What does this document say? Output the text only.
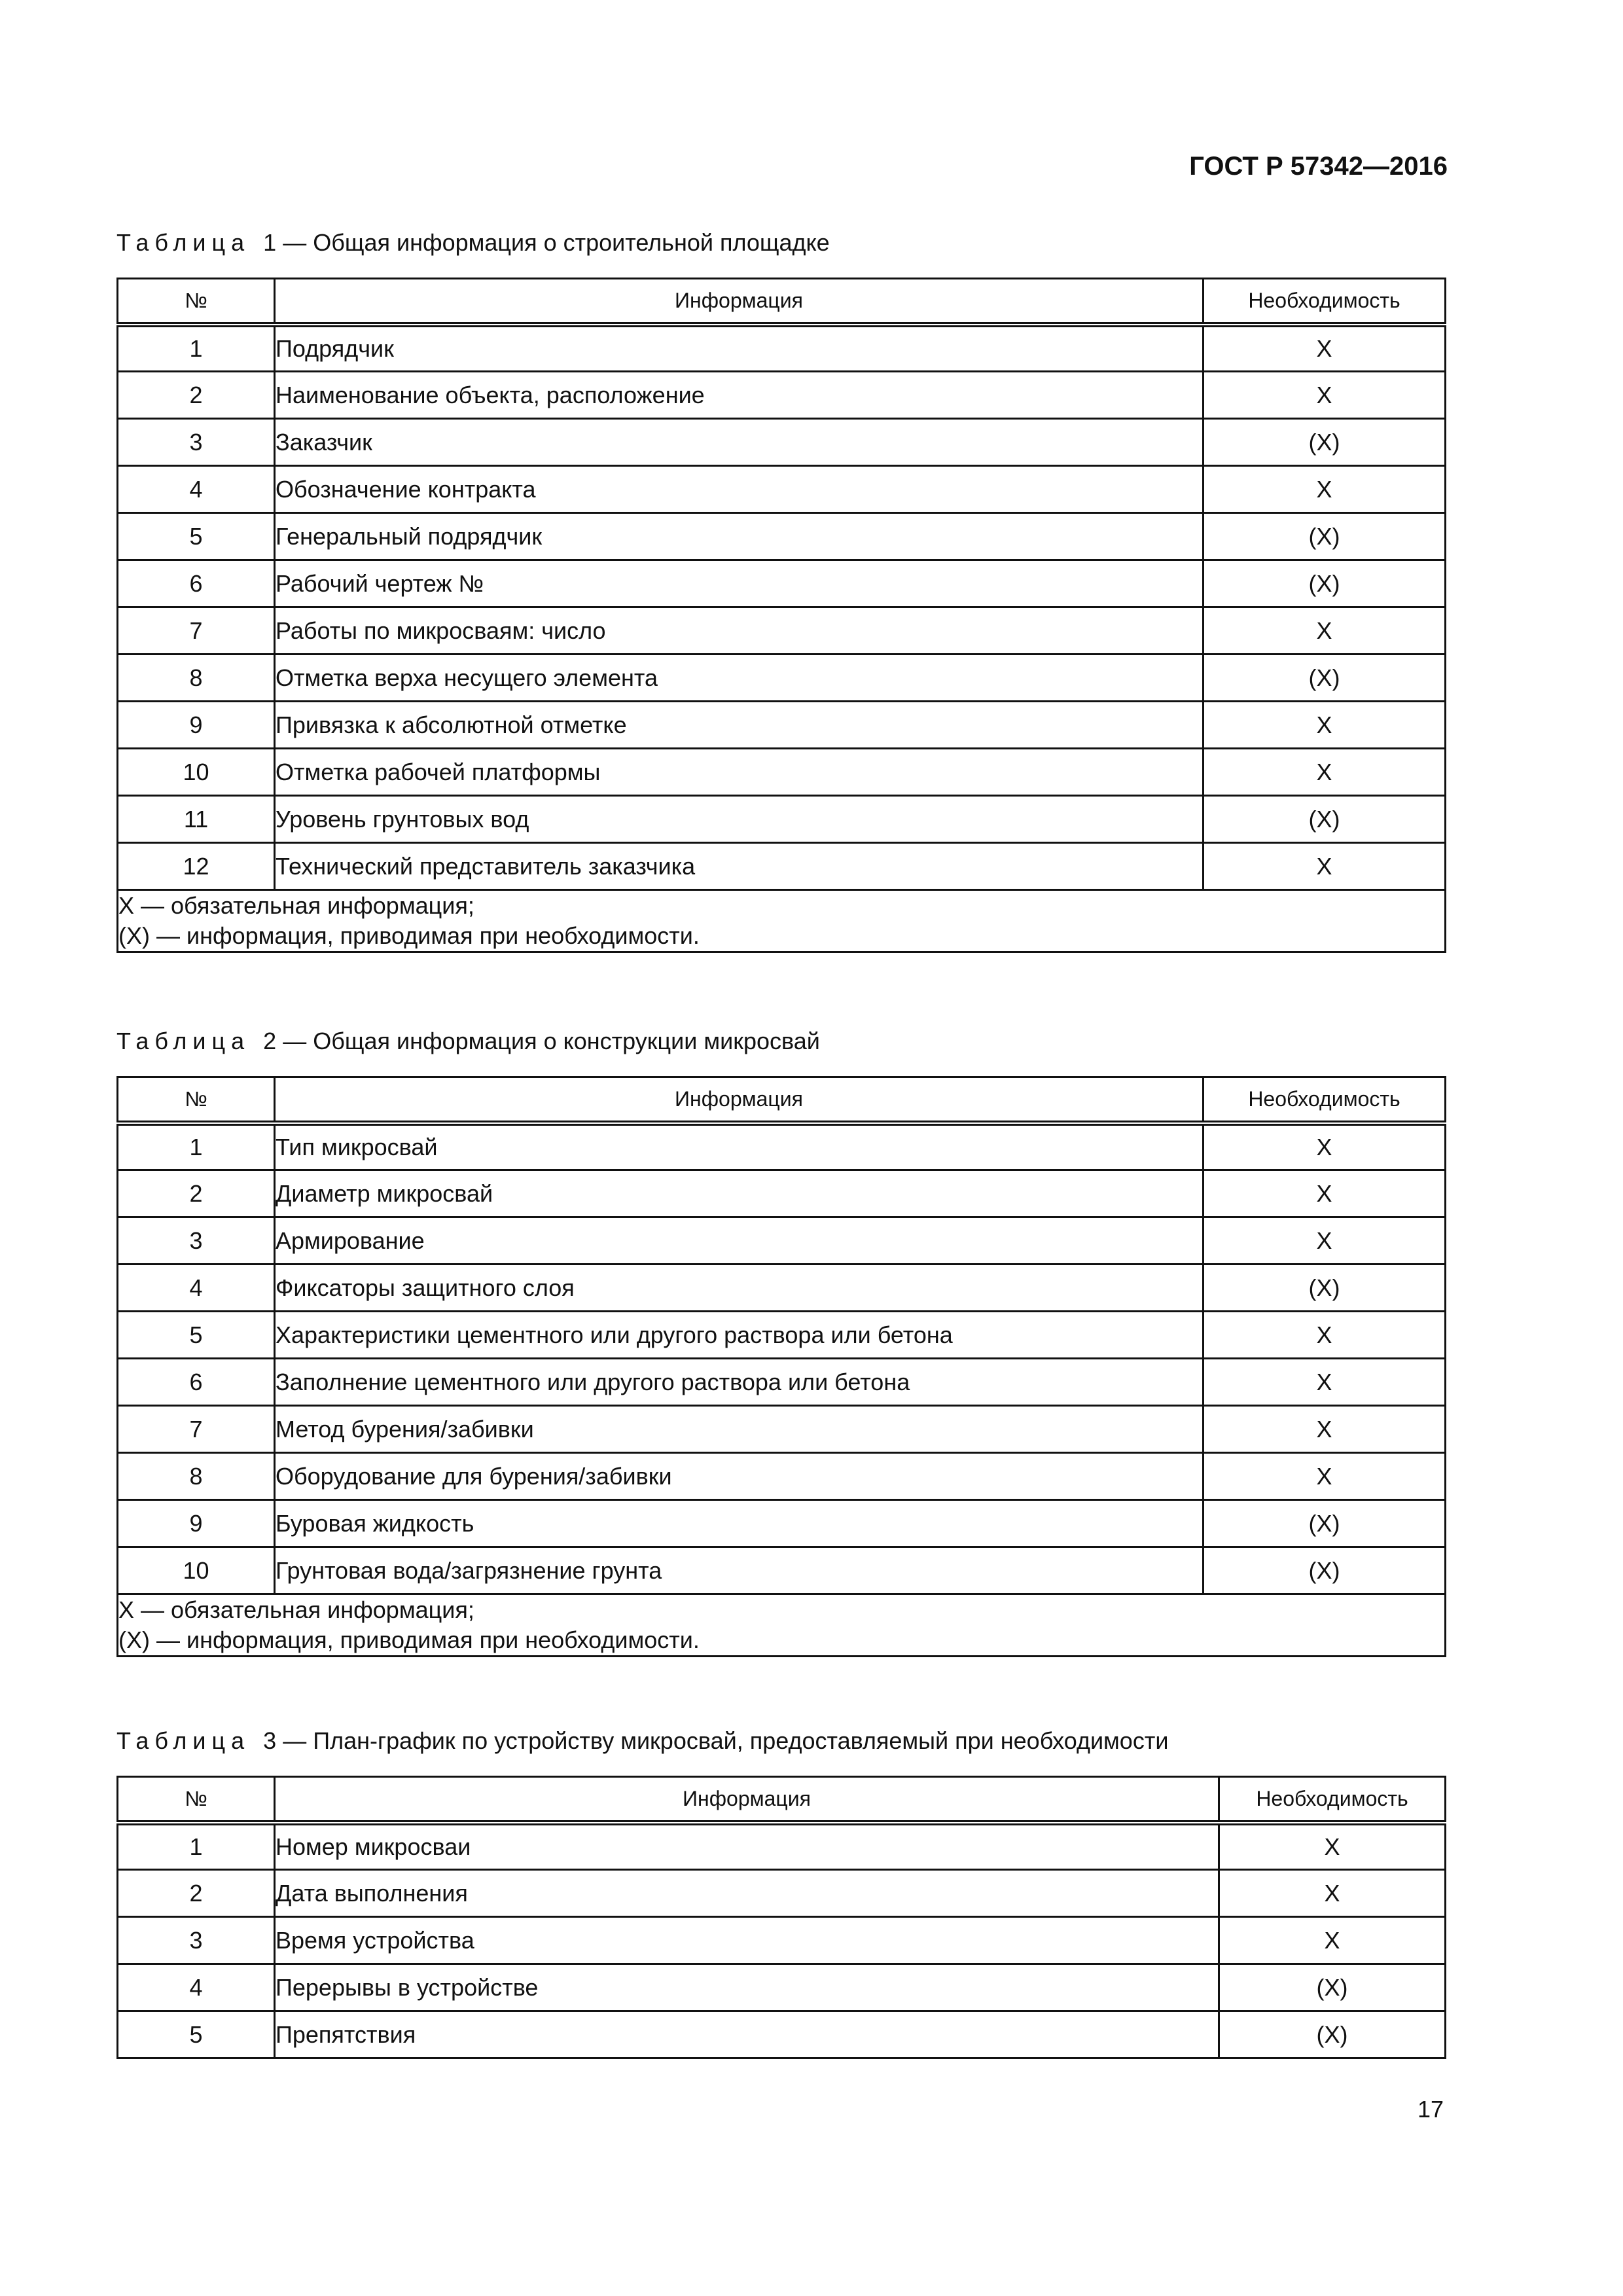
ГОСТ Р 57342—2016
Таблица 1 — Общая информация о строительной площадке
№	Информация	Необходимость
1	Подрядчик	X
2	Наименование объекта, расположение	X
3	Заказчик	(X)
4	Обозначение контракта	X
5	Генеральный подрядчик	(X)
6	Рабочий чертеж №	(X)
7	Работы по микросваям: число	X
8	Отметка верха несущего элемента	(X)
9	Привязка к абсолютной отметке	X
10	Отметка рабочей платформы	X
11	Уровень грунтовых вод	(X)
12	Технический представитель заказчика	X

X — обязательная информация;
(X) — информация, приводимая при необходимости.		
Таблица 2 — Общая информация о конструкции микросвай
№	Информация	Необходимость
1	Тип микросвай	X
2	Диаметр микросвай	X
3	Армирование	X
4	Фиксаторы защитного слоя	(X)
5	Характеристики цементного или другого раствора или бетона	X
6	Заполнение цементного или другого раствора или бетона	X
7	Метод бурения/забивки	X
8	Оборудование для бурения/забивки	X
9	Буровая жидкость	(X)
10	Грунтовая вода/загрязнение грунта	(X)

X — обязательная информация;
(X) — информация, приводимая при необходимости.		
Таблица 3 — План-график по устройству микросвай, предоставляемый при необходимости
№	Информация	Необходимость
1	Номер микросваи	X
2	Дата выполнения	X
3	Время устройства	X
4	Перерывы в устройстве	(X)
5	Препятствия	(X)
17
